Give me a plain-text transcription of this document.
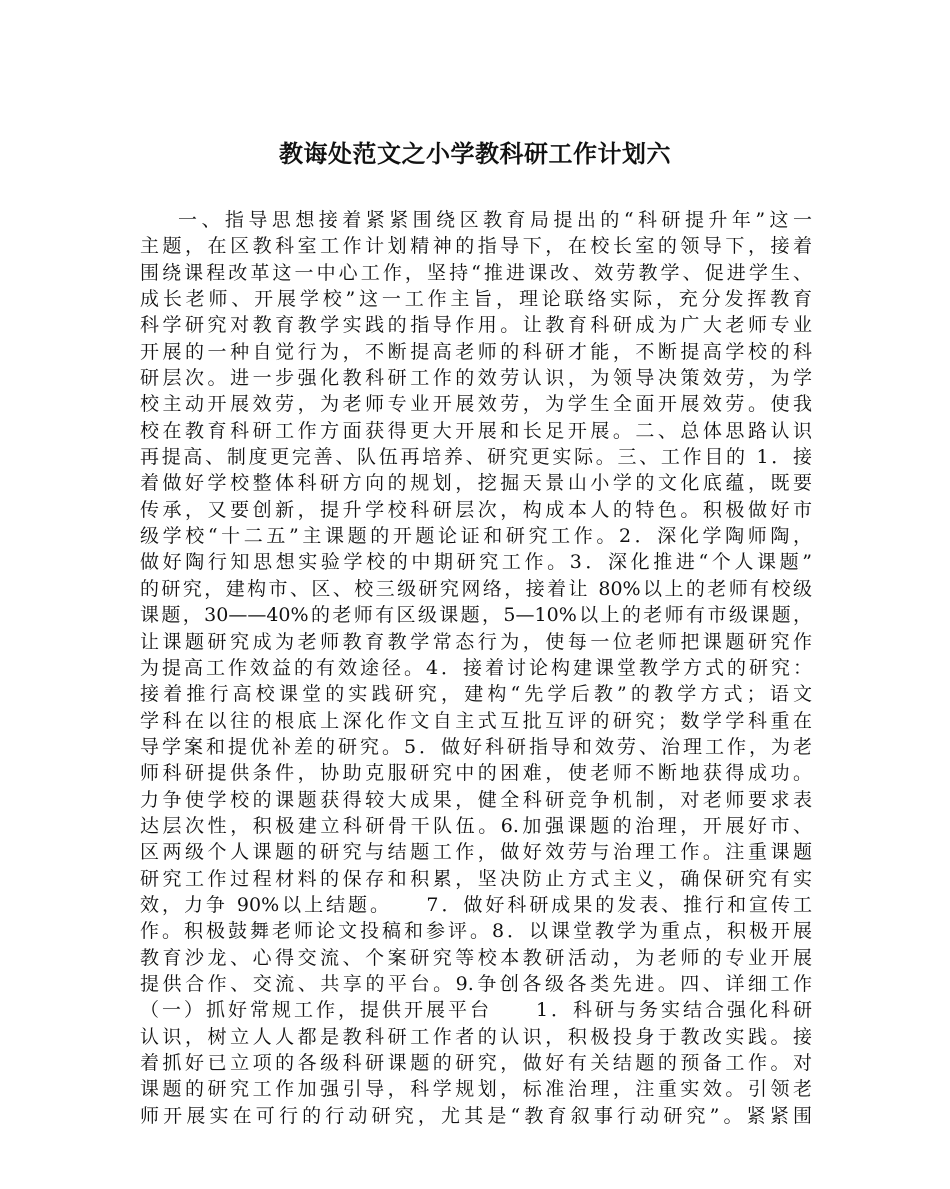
教诲处范文之小学教科研工作计划六
一、指导思想接着紧紧围绕区教育局提出的“科研提升年”这一
主题，在区教科室工作计划精神的指导下，在校长室的领导下，接着
围绕课程改革这一中心工作，坚持“推进课改、效劳教学、促进学生、
成长老师、开展学校”这一工作主旨，理论联络实际，充分发挥教育
科学研究对教育教学实践的指导作用。让教育科研成为广大老师专业
开展的一种自觉行为，不断提高老师的科研才能，不断提高学校的科
研层次。进一步强化教科研工作的效劳认识，为领导决策效劳，为学
校主动开展效劳，为老师专业开展效劳，为学生全面开展效劳。使我
校在教育科研工作方面获得更大开展和长足开展。二、总体思路认识
再提高、制度更完善、队伍再培养、研究更实际。三、工作目的 1．接
着做好学校整体科研方向的规划，挖掘天景山小学的文化底蕴，既要
传承，又要创新，提升学校科研层次，构成本人的特色。积极做好市
级学校“十二五”主课题的开题论证和研究工作。2．深化学陶师陶，
做好陶行知思想实验学校的中期研究工作。3．深化推进“个人课题”
的研究，建构市、区、校三级研究网络，接着让 80%以上的老师有校级
课题，30——40%的老师有区级课题，5—10%以上的老师有市级课题，
让课题研究成为老师教育教学常态行为，使每一位老师把课题研究作
为提高工作效益的有效途径。4．接着讨论构建课堂教学方式的研究：
接着推行高校课堂的实践研究，建构“先学后教”的教学方式；语文
学科在以往的根底上深化作文自主式互批互评的研究；数学学科重在
导学案和提优补差的研究。5．做好科研指导和效劳、治理工作，为老
师科研提供条件，协助克服研究中的困难，使老师不断地获得成功。
力争使学校的课题获得较大成果，健全科研竞争机制，对老师要求表
达层次性，积极建立科研骨干队伍。6.加强课题的治理，开展好市、
区两级个人课题的研究与结题工作，做好效劳与治理工作。注重课题
研究工作过程材料的保存和积累，坚决防止方式主义，确保研究有实
效，力争 90%以上结题。　　7．做好科研成果的发表、推行和宣传工
作。积极鼓舞老师论文投稿和参评。8．以课堂教学为重点，积极开展
教育沙龙、心得交流、个案研究等校本教研活动，为老师的专业开展
提供合作、交流、共享的平台。9.争创各级各类先进。四、详细工作
（一）抓好常规工作，提供开展平台　　1．科研与务实结合强化科研
认识，树立人人都是教科研工作者的认识，积极投身于教改实践。接
着抓好已立项的各级科研课题的研究，做好有关结题的预备工作。对
课题的研究工作加强引导，科学规划，标准治理，注重实效。引领老
师开展实在可行的行动研究，尤其是“教育叙事行动研究”。紧紧围
